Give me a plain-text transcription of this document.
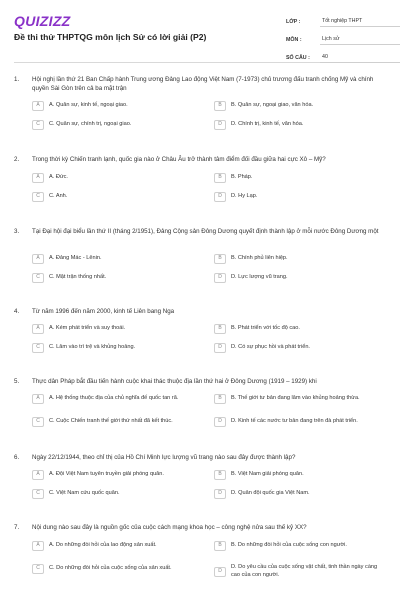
QUIZIZZ
Đề thi thử THPTQG môn lịch Sử có lời giải (P2)
LỚP :	Tốt nghiệp THPT
MÔN :	Lịch sử
SỐ CÂU :	40
1.	Hội nghị lần thứ 21 Ban Chấp hành Trung ương Đảng Lao động Việt Nam (7-1973) chủ trương đấu tranh chống Mỹ và chính quyền Sài Gòn trên cả ba mặt trận
A	A. Quân sự, kinh tế, ngoại giao.	B	B. Quân sự, ngoại giao, văn hóa.
C	C. Quân sự, chính trị, ngoại giao.	D	D. Chính trị, kinh tế, văn hóa.
2.	Trong thời kỳ Chiến tranh lạnh, quốc gia nào ở Châu Âu trở thành tâm điểm đối đầu giữa hai cực Xô – Mỹ?
A	A. Đức.	B	B. Pháp.
C	C. Anh.	D	D. Hy Lạp.
3.	Tại Đại hội đại biểu lần thứ II (tháng 2/1951), Đảng Cộng sản Đông Dương quyết định thành lập ở mỗi nước Đông Dương một
A	A. Đảng Mác - Lênin.	B	B. Chính phủ liên hiệp.
C	C. Mặt trận thống nhất.	D	D. Lực lượng vũ trang.
4.	Từ năm 1996 đến năm 2000, kinh tế Liên bang Nga
A	A. Kém phát triển và suy thoái.	B	B. Phát triển với tốc độ cao.
C	C. Lâm vào trì trệ và khủng hoảng.	D	D. Có sự phục hồi và phát triển.
5.	Thực dân Pháp bắt đầu tiến hành cuộc khai thác thuộc địa lần thứ hai ở Đông Dương (1919 – 1929) khi
A	A. Hệ thống thuộc địa của chủ nghĩa đế quốc tan rã.	B	B. Thế giới tư bản đang lâm vào khủng hoảng thừa.
C	C. Cuộc Chiến tranh thế giới thứ nhất đã kết thúc.	D	D. Kinh tế các nước tư bản đang trên đà phát triển.
6.	Ngày 22/12/1944, theo chỉ thị của Hồ Chí Minh lực lượng vũ trang nào sau đây được thành lập?
A	A. Đội Việt Nam tuyên truyền giải phóng quân.	B	B. Việt Nam giải phóng quân.
C	C. Việt Nam cứu quốc quân.	D	D. Quân đội quốc gia Việt Nam.
7.	Nội dung nào sau đây là nguồn gốc của cuộc cách mạng khoa học – công nghệ nửa sau thế kỷ XX?
A	A. Do những đòi hỏi của lao động sản xuất.	B	B. Do những đòi hỏi của cuộc sống con người.
C	C. Do những đòi hỏi của cuộc sống của sản xuất.	D
D. Do yêu cầu của cuộc sống vật chất, tinh thần ngày càng cao của con người.
